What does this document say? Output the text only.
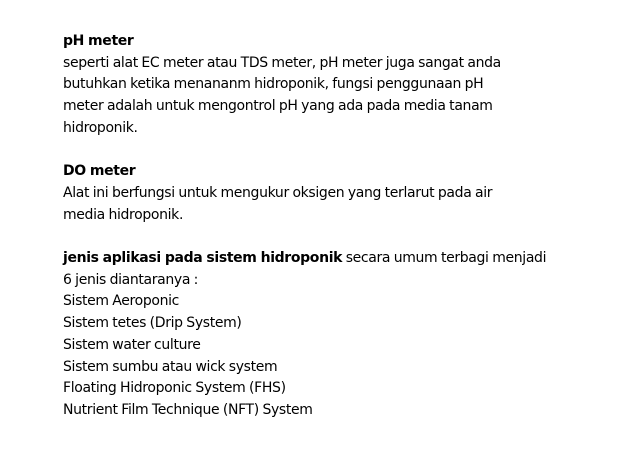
pH meter
seperti alat EC meter atau TDS meter, pH meter juga sangat anda
butuhkan ketika menananm hidroponik, fungsi penggunaan pH
meter adalah untuk mengontrol pH yang ada pada media tanam
hidroponik.
DO meter
Alat ini berfungsi untuk mengukur oksigen yang terlarut pada air
media hidroponik.
jenis aplikasi pada sistem hidroponik secara umum terbagi menjadi
6 jenis diantaranya :
Sistem Aeroponic
Sistem tetes (Drip System)
Sistem water culture
Sistem sumbu atau wick system
Floating Hidroponic System (FHS)
Nutrient Film Technique (NFT) System
